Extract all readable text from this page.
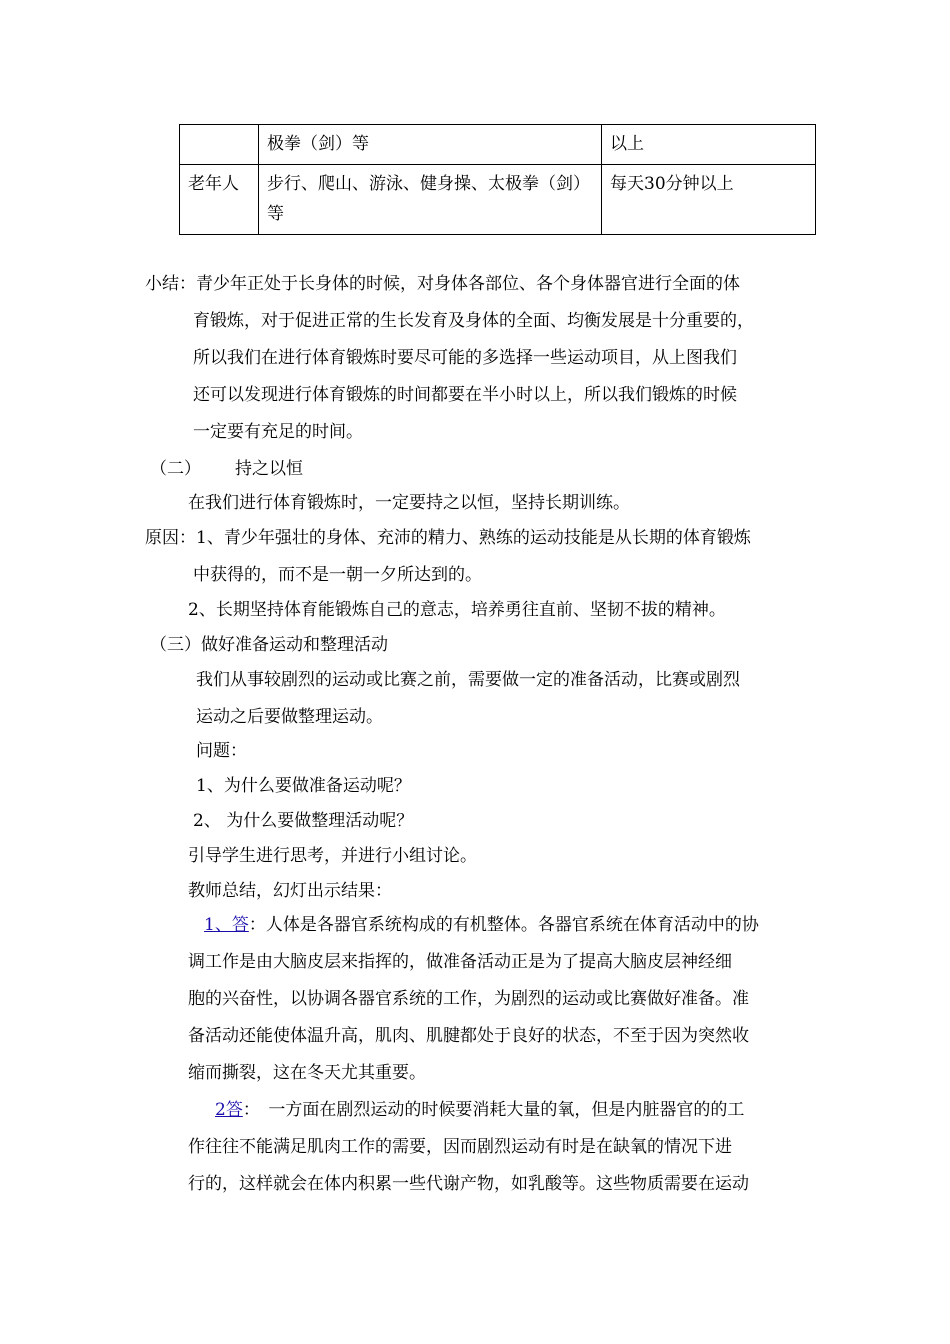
	极拳（剑）等	以上
老年人	步行、爬山、游泳、健身操、太极拳（剑）等	每天30分钟以上
小结：青少年正处于长身体的时候，对身体各部位、各个身体器官进行全面的体
育锻炼，对于促进正常的生长发育及身体的全面、均衡发展是十分重要的，
所以我们在进行体育锻炼时要尽可能的多选择一些运动项目，从上图我们
还可以发现进行体育锻炼的时间都要在半小时以上，所以我们锻炼的时候
一定要有充足的时间。
（二） 持之以恒
在我们进行体育锻炼时，一定要持之以恒，坚持长期训练。
原因：1、青少年强壮的身体、充沛的精力、熟练的运动技能是从长期的体育锻炼
中获得的，而不是一朝一夕所达到的。
2、长期坚持体育能锻炼自己的意志，培养勇往直前、坚韧不拔的精神。
（三）做好准备运动和整理活动
我们从事较剧烈的运动或比赛之前，需要做一定的准备活动，比赛或剧烈
运动之后要做整理运动。
问题：
1、为什么要做准备运动呢？
2、 为什么要做整理活动呢？
引导学生进行思考，并进行小组讨论。
教师总结，幻灯出示结果：
1、答：人体是各器官系统构成的有机整体。各器官系统在体育活动中的协
调工作是由大脑皮层来指挥的，做准备活动正是为了提高大脑皮层神经细
胞的兴奋性，以协调各器官系统的工作，为剧烈的运动或比赛做好准备。准
备活动还能使体温升高，肌肉、肌腱都处于良好的状态，不至于因为突然收
缩而撕裂，这在冬天尤其重要。
2答：　一方面在剧烈运动的时候要消耗大量的氧，但是内脏器官的的工
作往往不能满足肌肉工作的需要，因而剧烈运动有时是在缺氧的情况下进
行的，这样就会在体内积累一些代谢产物，如乳酸等。这些物质需要在运动
